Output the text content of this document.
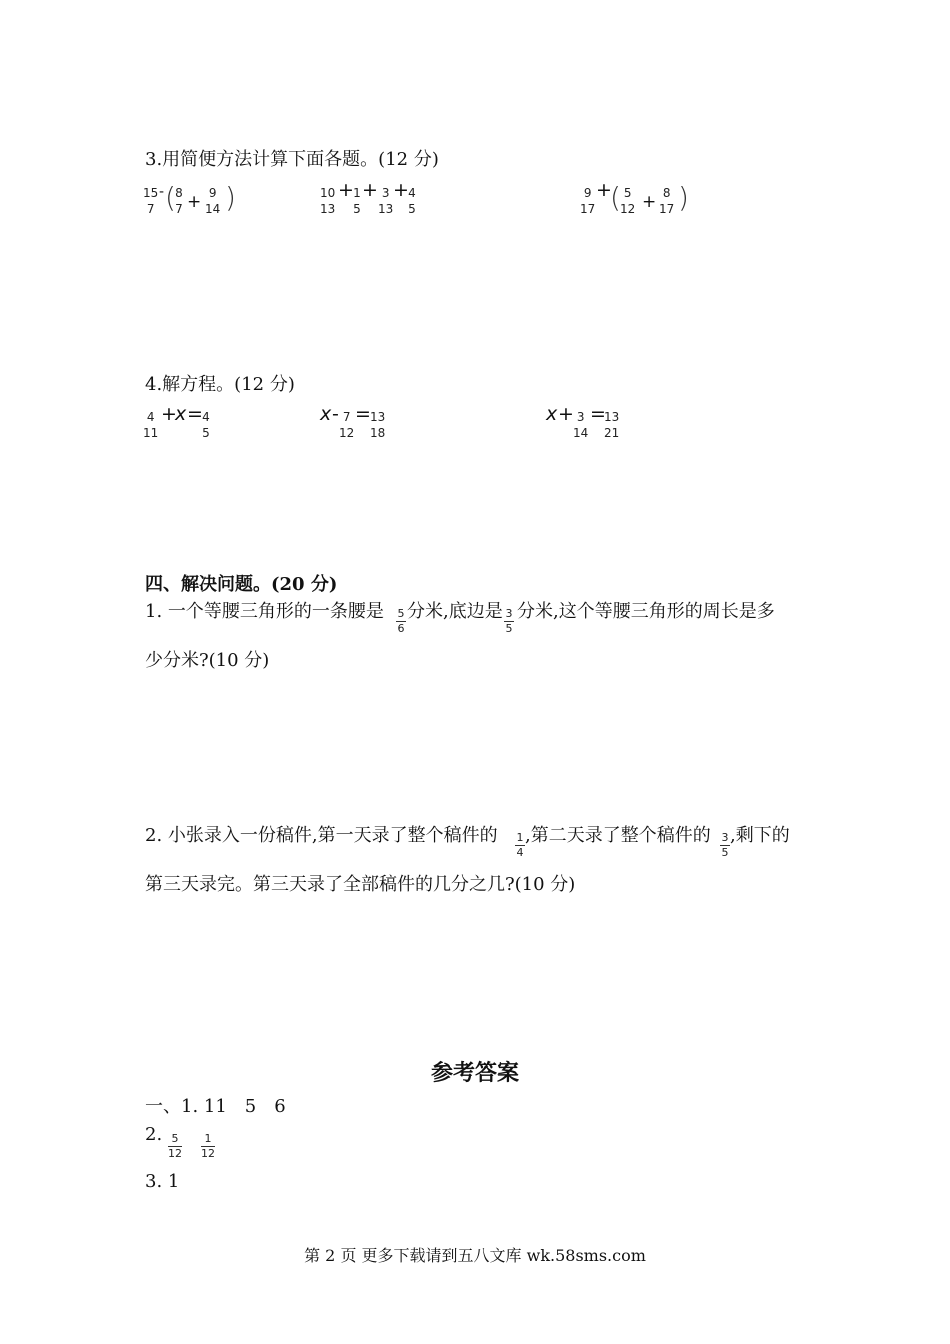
3.用简便方法计算下面各题。(12 分)
15
7
- ( 8
7 + 9
14 )	10
13
+ 1
5
+ 3
13
+ 4
5
9
17
+
( 5
12 + 8
17 )
4.解方程。(12 分)
4
11
+
x = 4
5
x - 7
12
= 13
18
x + 3
14
=
13
21
四、解决问题。(20 分)
1. 一个等腰三角形的一条腰是 5
6
分米,底边是 3
5
分米,这个等腰三角形的周长是多
少分米?(10 分)
2. 小张录入一份稿件,第一天录了整个稿件的 1
4
,第二天录了整个稿件的 3
5
,剩下的
第三天录完。第三天录了全部稿件的几分之几?(10 分)
参考答案
一、1. 11　5　6
2. 5
12
1
12
3. 1
第 2 页 更多下载请到五八文库 wk.58sms.com
